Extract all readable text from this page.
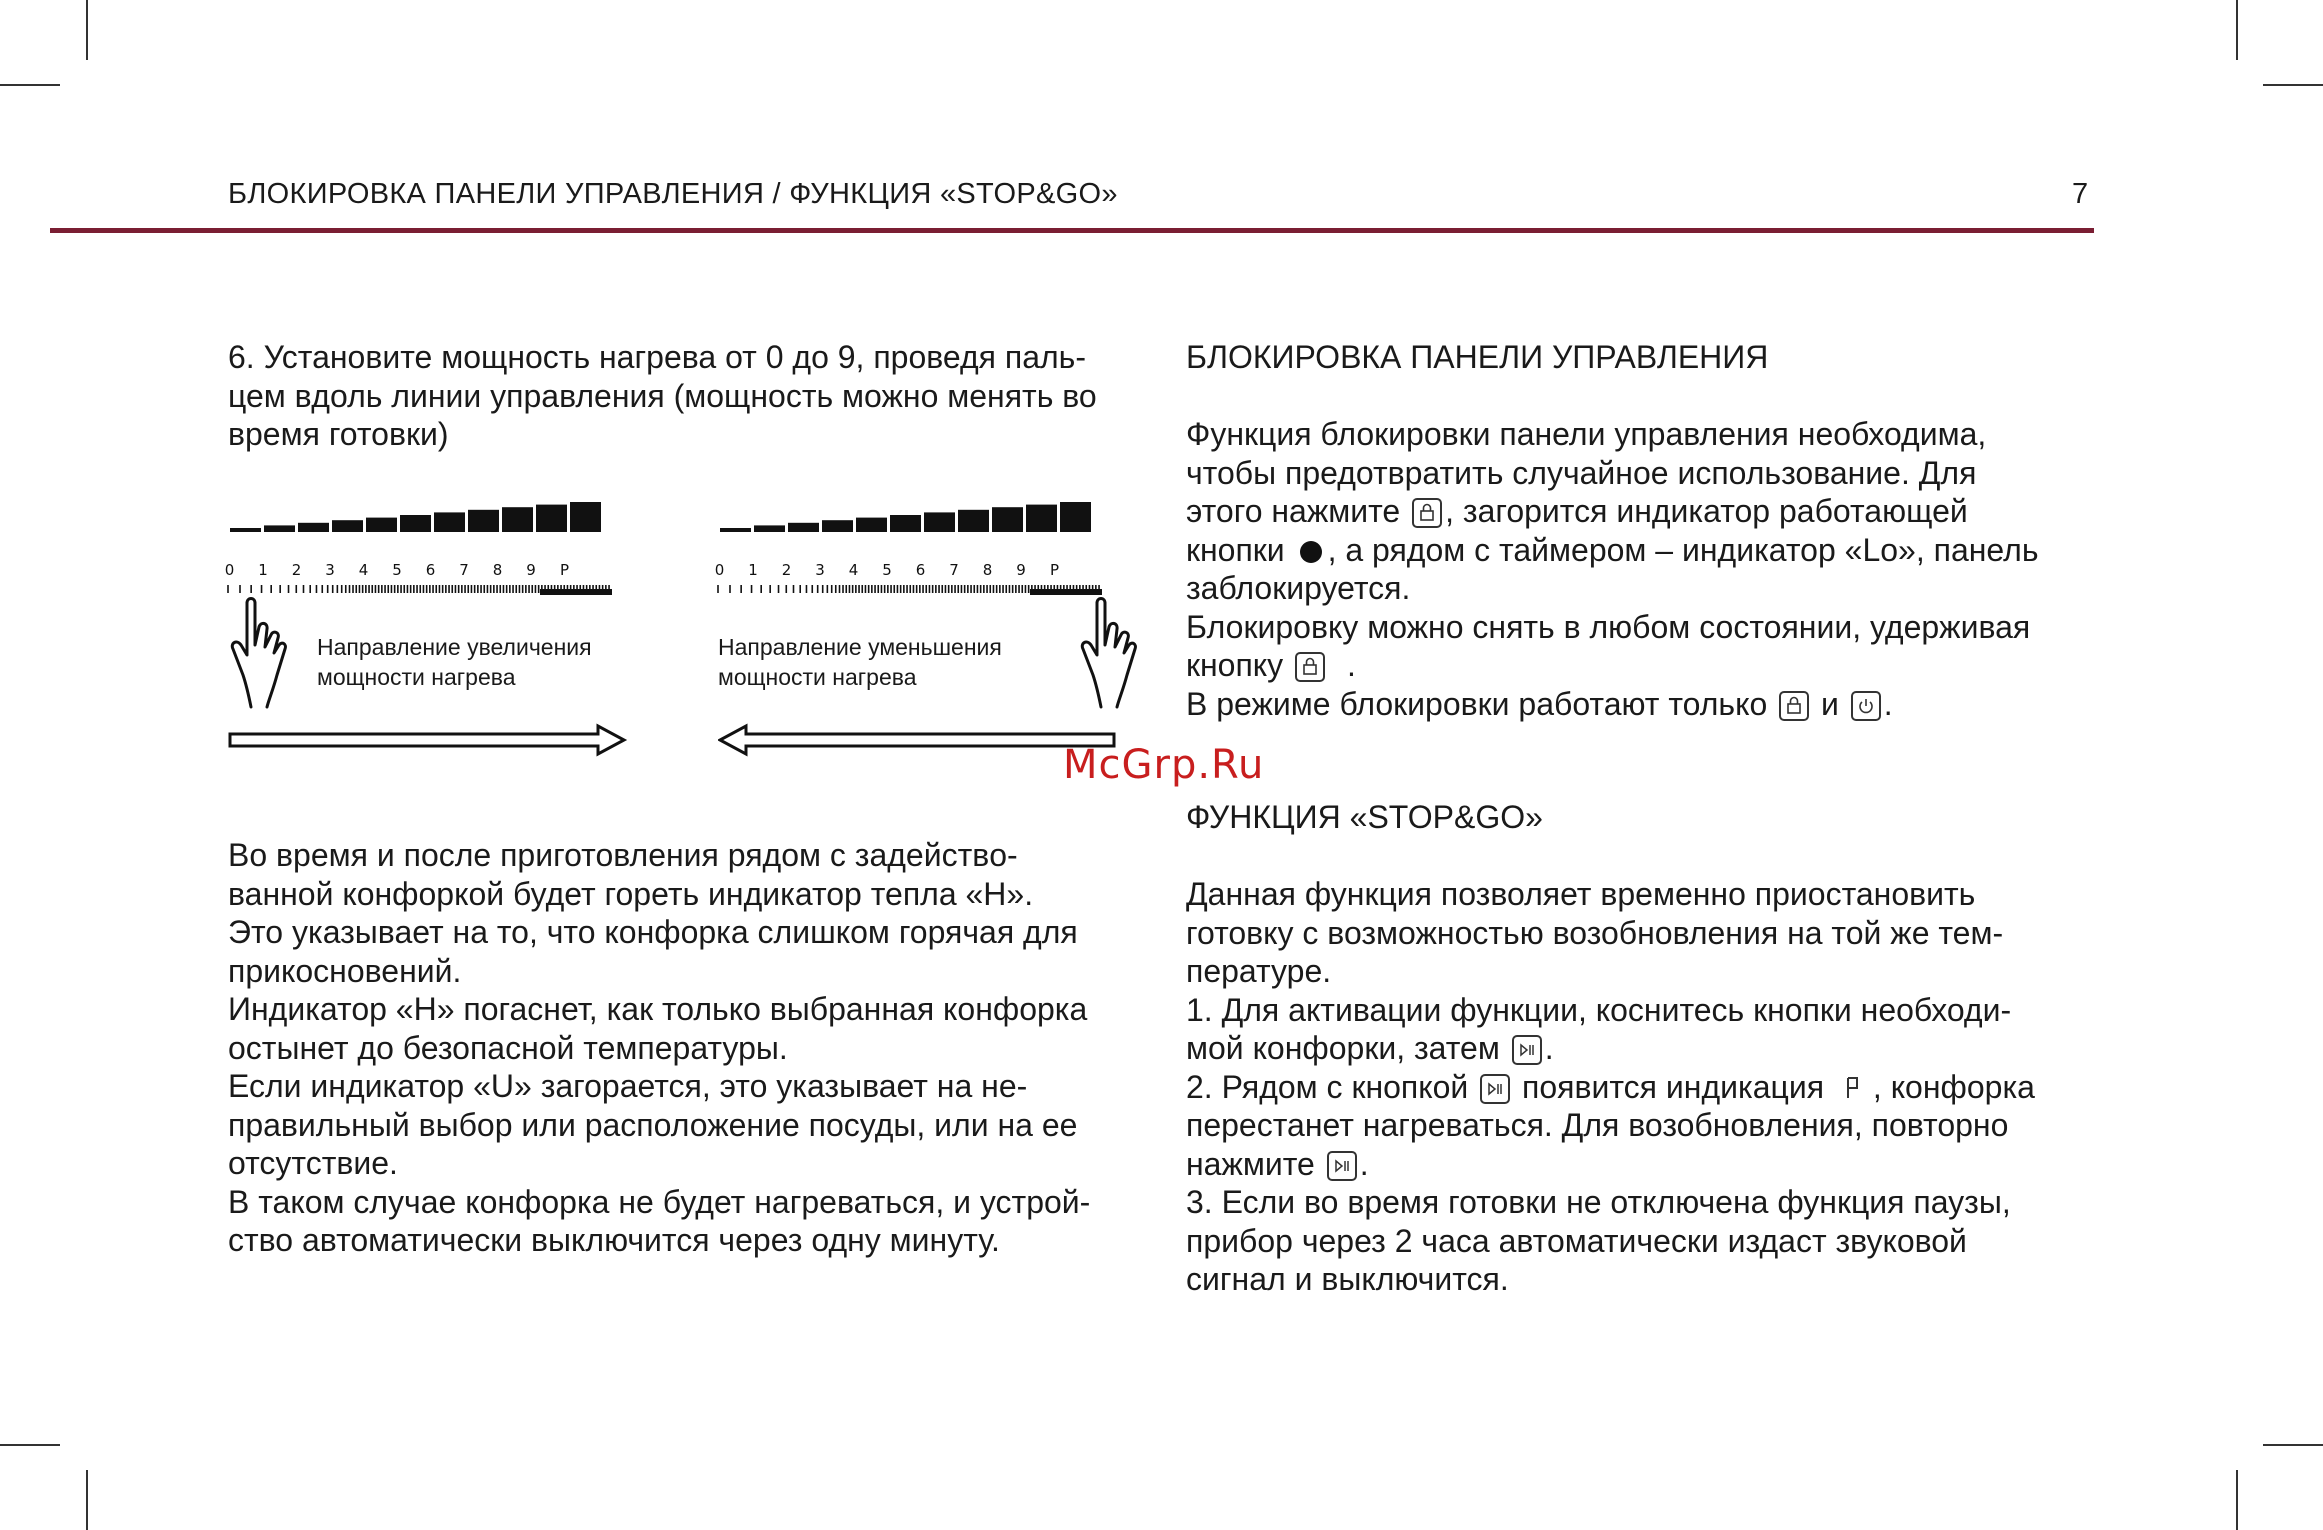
БЛОКИРОВКА ПАНЕЛИ УПРАВЛЕНИЯ / ФУНКЦИЯ «STOP&GO»	7
6. Установите мощность нагрева от 0 до 9, проведя паль-
цем вдоль линии управления (мощность можно менять во
время готовки)
0 1 2 3 4 5 6 7 8 9 P
Направление увеличения
мощности нагрева
0 1 2 3 4 5 6 7 8 9 P
Направление уменьшения
мощности нагрева
Во время и после приготовления рядом с задействo-
ванной конфоркой будет гореть индикатор тепла «H».
Это указывает на то, что конфорка слишком горячая для
прикосновений.
Индикатор «H» погаснет, как только выбранная конфорка
остынет до безопасной температуры.
Если индикатор «U» загорается, это указывает на не-
правильный выбор или расположение посуды, или на ее
отсутствие.
В таком случае конфорка не будет нагреваться, и устрой-
ство автоматически выключится через одну минуту.
БЛОКИРОВКА ПАНЕЛИ УПРАВЛЕНИЯ
Функция блокировки панели управления необходима,
чтобы предотвратить случайное использование. Для
этого нажмите , загорится индикатор работающей
кнопки , а рядом с таймером – индикатор «Lo», панель
заблокируется.
Блокировку можно снять в любом состоянии, удерживая
кнопку .
В режиме блокировки работают только и .
McGrp.Ru
ФУНКЦИЯ «STOP&GO»
Данная функция позволяет временно приостановить
готовку с возможностью возобновления на той же тем-
пературе.
1. Для активации функции, коснитесь кнопки необходи-
мой конфорки, затем .
2. Рядом с кнопкой появится индикация , конфорка
перестанет нагреваться. Для возобновления, повторно
нажмите .
3. Если во время готовки не отключена функция паузы,
прибор через 2 часа автоматически издаст звуковой
сигнал и выключится.
